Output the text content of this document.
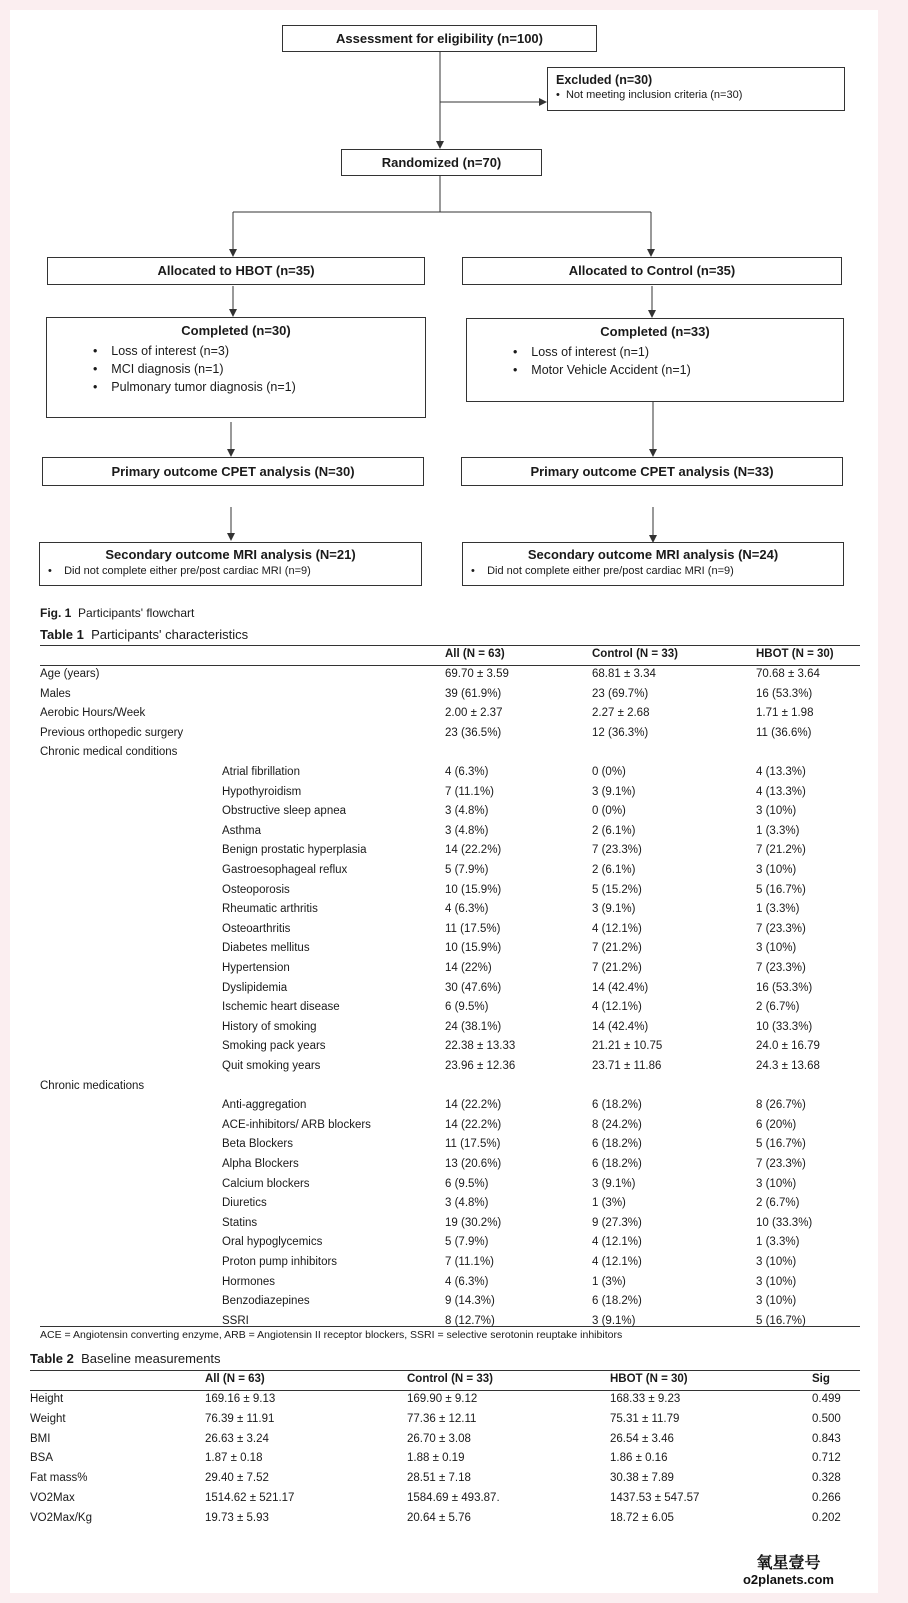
Assessment for eligibility (n=100)
Excluded (n=30)
•  Not meeting inclusion criteria (n=30)
Randomized (n=70)
Allocated to HBOT (n=35)
Completed (n=30)
•    Loss of interest (n=3)
•    MCI diagnosis (n=1)
•    Pulmonary tumor diagnosis (n=1)
Primary outcome CPET analysis (N=30)
Secondary outcome MRI analysis (N=21)
•    Did not complete either pre/post cardiac MRI (n=9)
Allocated to Control (n=35)
Completed (n=33)
•    Loss of interest (n=1)
•    Motor Vehicle Accident (n=1)
Primary outcome CPET analysis (N=33)
Secondary outcome MRI analysis (N=24)
•    Did not complete either pre/post cardiac MRI (n=9)
Fig. 1 Participants' flowchart
Table 1 Participants' characteristics
All (N = 63)	Control (N = 33)	HBOT (N = 30)
Age (years)	69.70 ± 3.59	68.81 ± 3.34	70.68 ± 3.64
Males	39 (61.9%)	23 (69.7%)	16 (53.3%)
Aerobic Hours/Week	2.00 ± 2.37	2.27 ± 2.68	1.71 ± 1.98
Previous orthopedic surgery	23 (36.5%)	12 (36.3%)	11 (36.6%)
Chronic medical conditions
Atrial fibrillation	4 (6.3%)	0 (0%)	4 (13.3%)
Hypothyroidism	7 (11.1%)	3 (9.1%)	4 (13.3%)
Obstructive sleep apnea	3 (4.8%)	0 (0%)	3 (10%)
Asthma	3 (4.8%)	2 (6.1%)	1 (3.3%)
Benign prostatic hyperplasia	14 (22.2%)	7 (23.3%)	7 (21.2%)
Gastroesophageal reflux	5 (7.9%)	2 (6.1%)	3 (10%)
Osteoporosis	10 (15.9%)	5 (15.2%)	5 (16.7%)
Rheumatic arthritis	4 (6.3%)	3 (9.1%)	1 (3.3%)
Osteoarthritis	11 (17.5%)	4 (12.1%)	7 (23.3%)
Diabetes mellitus	10 (15.9%)	7 (21.2%)	3 (10%)
Hypertension	14 (22%)	7 (21.2%)	7 (23.3%)
Dyslipidemia	30 (47.6%)	14 (42.4%)	16 (53.3%)
Ischemic heart disease	6 (9.5%)	4 (12.1%)	2 (6.7%)
History of smoking	24 (38.1%)	14 (42.4%)	10 (33.3%)
Smoking pack years	22.38 ± 13.33	21.21 ± 10.75	24.0 ± 16.79
Quit smoking years	23.96 ± 12.36	23.71 ± 11.86	24.3 ± 13.68
Chronic medications
Anti-aggregation	14 (22.2%)	6 (18.2%)	8 (26.7%)
ACE-inhibitors/ ARB blockers	14 (22.2%)	8 (24.2%)	6 (20%)
Beta Blockers	11 (17.5%)	6 (18.2%)	5 (16.7%)
Alpha Blockers	13 (20.6%)	6 (18.2%)	7 (23.3%)
Calcium blockers	6 (9.5%)	3 (9.1%)	3 (10%)
Diuretics	3 (4.8%)	1 (3%)	2 (6.7%)
Statins	19 (30.2%)	9 (27.3%)	10 (33.3%)
Oral hypoglycemics	5 (7.9%)	4 (12.1%)	1 (3.3%)
Proton pump inhibitors	7 (11.1%)	4 (12.1%)	3 (10%)
Hormones	4 (6.3%)	1 (3%)	3 (10%)
Benzodiazepines	9 (14.3%)	6 (18.2%)	3 (10%)
SSRI	8 (12.7%)	3 (9.1%)	5 (16.7%)
ACE = Angiotensin converting enzyme, ARB = Angiotensin II receptor blockers, SSRI = selective serotonin reuptake inhibitors
Table 2 Baseline measurements
All (N = 63)	Control (N = 33)	HBOT (N = 30)	Sig
Height	169.16 ± 9.13	169.90 ± 9.12	168.33 ± 9.23	0.499
Weight	76.39 ± 11.91	77.36 ± 12.11	75.31 ± 11.79	0.500
BMI	26.63 ± 3.24	26.70 ± 3.08	26.54 ± 3.46	0.843
BSA	1.87 ± 0.18	1.88 ± 0.19	1.86 ± 0.16	0.712
Fat mass%	29.40 ± 7.52	28.51 ± 7.18	30.38 ± 7.89	0.328
VO2Max	1514.62 ± 521.17	1584.69 ± 493.87.	1437.53 ± 547.57	0.266
VO2Max/Kg	19.73 ± 5.93	20.64 ± 5.76	18.72 ± 6.05	0.202
氧星壹号
o2planets.com
